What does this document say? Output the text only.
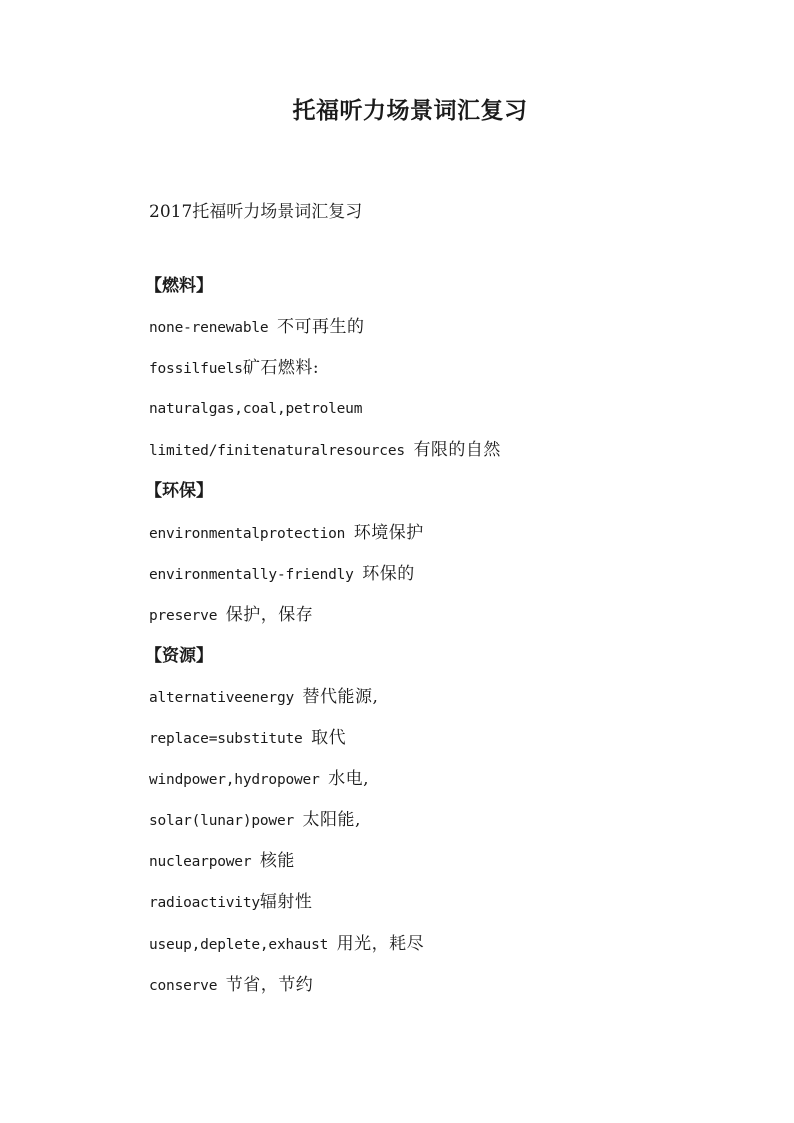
托福听力场景词汇复习
2017托福听力场景词汇复习
【燃料】
none-renewable 不可再生的
fossilfuels矿石燃料:
naturalgas,coal,petroleum
limited/finitenaturalresources 有限的自然
【环保】
environmentalprotection 环境保护
environmentally-friendly 环保的
preserve 保护，保存
【资源】
alternativeenergy 替代能源,
replace=substitute 取代
windpower,hydropower 水电,
solar(lunar)power 太阳能,
nuclearpower 核能
radioactivity辐射性
useup,deplete,exhaust 用光，耗尽
conserve 节省，节约
